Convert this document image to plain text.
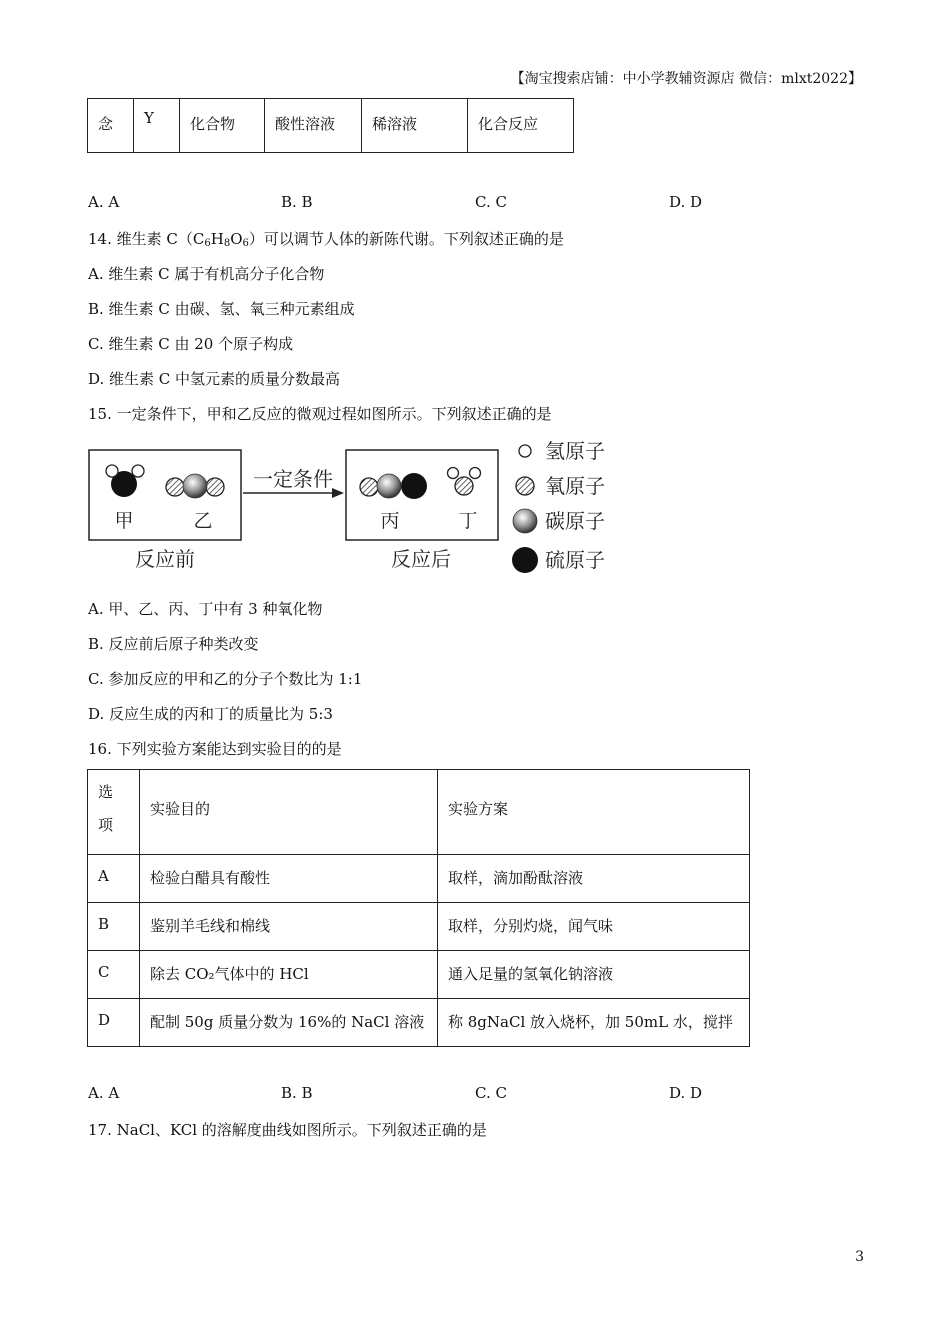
【淘宝搜索店铺：中小学教辅资源店 微信：mlxt2022】
念	Y	化合物	酸性溶液	稀溶液	化合反应
A. A	B. B	C. C	D. D
14. 维生素 $C(C_6H_8O_6)$可以调节人体的新陈代谢。下列叙述正确的是
A. 维生素 C 属于有机高分子化合物
B. 维生素 C 由碳、氢、氧三种元素组成
C. 维生素 C 由 20 个原子构成
D. 维生素 C 中氢元素的质量分数最高
15. 一定条件下，甲和乙反应的微观过程如图所示。下列叙述正确的是
甲	乙
反应前
一定条件
丙	丁
反应后
氢原子
氧原子
碳原子
硫原子
A. 甲、乙、丙、丁中有 3 种氧化物
B. 反应前后原子种类改变
C. 参加反应的甲和乙的分子个数比为 1:1
D. 反应生成的丙和丁的质量比为 5:3
16. 下列实验方案能达到实验目的的是
选
项	实验目的	实验方案
A	检验白醋具有酸性	取样，滴加酚酞溶液
B	鉴别羊毛线和棉线	取样，分别灼烧，闻气味
C	除去 CO₂气体中的 HCl	通入足量的氢氧化钠溶液
D	配制 50g 质量分数为 16%的 NaCl 溶液	称 8gNaCl 放入烧杯，加 50mL 水，搅拌
A. A	B. B	C. C	D. D
17. NaCl、KCl 的溶解度曲线如图所示。下列叙述正确的是
3
